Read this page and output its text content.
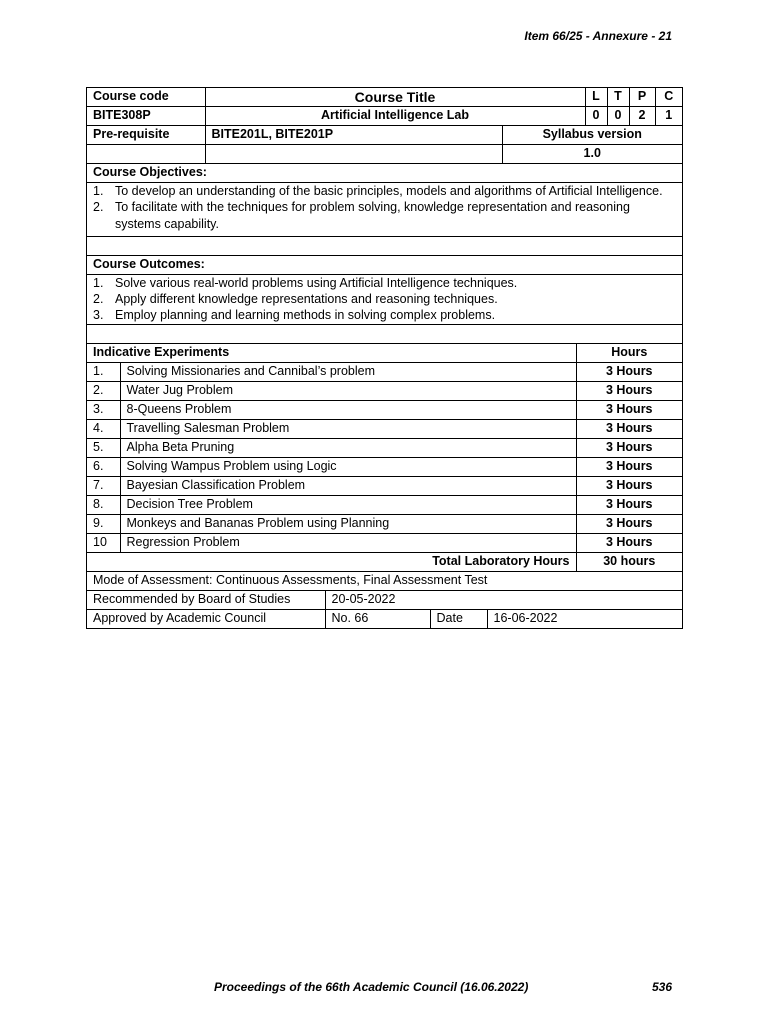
Item 66/25 - Annexure - 21
Course code	Course Title		L	T	P	C
BITE308P	Artificial Intelligence Lab		0	0	2	1
Pre-requisite	BITE201L, BITE201P	Syllabus version				
		1.0				
Course Objectives:

1. To develop an understanding of the basic principles, models and algorithms of Artificial Intelligence.
2. To facilitate with the techniques for problem solving, knowledge representation and reasoning systems capability.

Course Outcomes:

1. Solve various real-world problems using Artificial Intelligence techniques.
2. Apply different knowledge representations and reasoning techniques.
3. Employ planning and learning methods in solving complex problems.

Indicative Experiments		Hours
1.	Solving Missionaries and Cannibal’s problem	3 Hours
2.	Water Jug Problem	3 Hours
3.	8-Queens Problem	3 Hours
4.	Travelling Salesman Problem	3 Hours
5.	Alpha Beta Pruning	3 Hours
6.	Solving Wampus Problem using Logic	3 Hours
7.	Bayesian Classification Problem	3 Hours
8.	Decision Tree Problem	3 Hours
9.	Monkeys and Bananas Problem using Planning	3 Hours
10	Regression Problem	3 Hours
Total Laboratory Hours		30 hours
Mode of Assessment: Continuous Assessments, Final Assessment Test			
Recommended by Board of Studies	20-05-2022		
Approved by Academic Council	No. 66	Date	16-06-2022
Proceedings of the 66th Academic Council (16.06.2022)	536
